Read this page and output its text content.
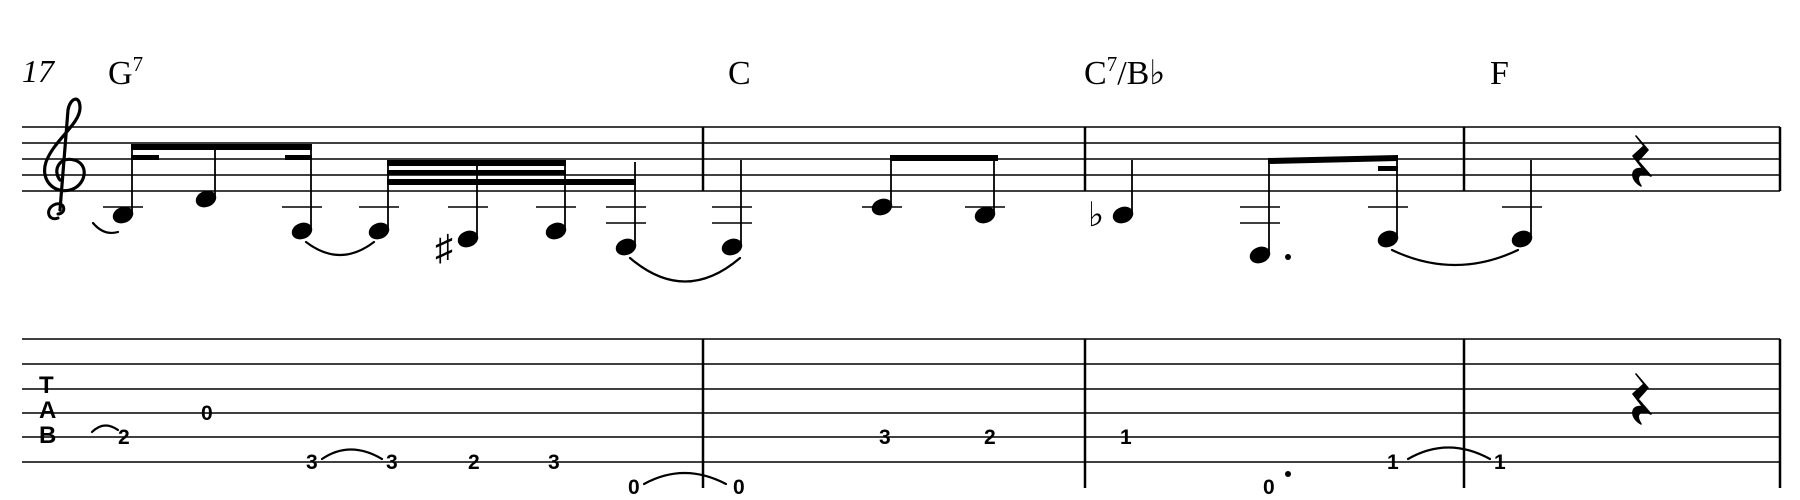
17 $G^7$	C	$C^7/B♭$	F
♯
♭
T
A
B	2
0
3	3	2	3
0	0
3	2	1
0
1	1
